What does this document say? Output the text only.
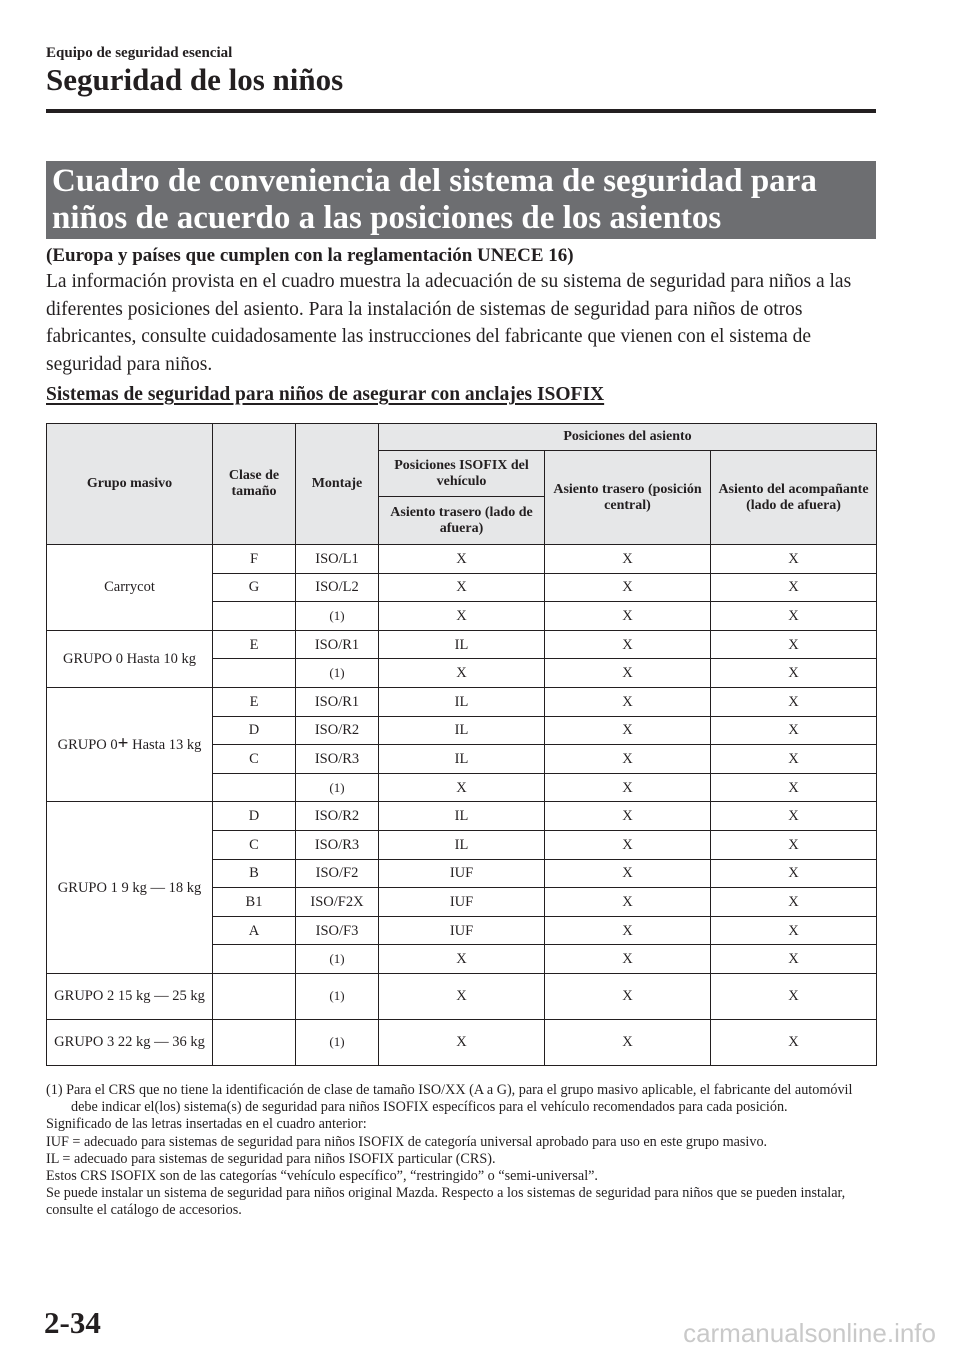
Equipo de seguridad esencial
Seguridad de los niños
Cuadro de conveniencia del sistema de seguridad para niños de acuerdo a las posiciones de los asientos
(Europa y países que cumplen con la reglamentación UNECE 16)

La información provista en el cuadro muestra la adecuación de su sistema de seguridad para niños a las diferentes posiciones del asiento. Para la instalación de sistemas de seguridad para niños de otros fabricantes, consulte cuidadosamente las instrucciones del fabricante que vienen con el sistema de seguridad para niños.

Sistemas de seguridad para niños de asegurar con anclajes ISOFIX
Grupo masivo	Clase de tamaño	Montaje	Posiciones del asiento		
			Posiciones ISOFIX del vehículo	Asiento trasero (posición central)	Asiento del acompañante (lado de afuera)
			Asiento trasero (lado de afuera)		
Carrycot	F	ISO/L1	X	X	X
	G	ISO/L2	X	X	X
		(1)	X	X	X
GRUPO 0 Hasta 10 kg	E	ISO/R1	IL	X	X
		(1)	X	X	X
GRUPO 0+ Hasta 13 kg	E	ISO/R1	IL	X	X
	D	ISO/R2	IL	X	X
	C	ISO/R3	IL	X	X
		(1)	X	X	X
GRUPO 1 9 kg — 18 kg	D	ISO/R2	IL	X	X
	C	ISO/R3	IL	X	X
	B	ISO/F2	IUF	X	X
	B1	ISO/F2X	IUF	X	X
	A	ISO/F3	IUF	X	X
		(1)	X	X	X
GRUPO 2 15 kg — 25 kg		(1)	X	X	X
GRUPO 3 22 kg — 36 kg		(1)	X	X	X

(1) Para el CRS que no tiene la identificación de clase de tamaño ISO/XX (A a G), para el grupo masivo aplicable, el fabricante del automóvil debe indicar el(los) sistema(s) de seguridad para niños ISOFIX específicos para el vehículo recomendados para cada posición.

Significado de las letras insertadas en el cuadro anterior:

IUF = adecuado para sistemas de seguridad para niños ISOFIX de categoría universal aprobado para uso en este grupo masivo.

IL = adecuado para sistemas de seguridad para niños ISOFIX particular (CRS).

Estos CRS ISOFIX son de las categorías “vehículo específico”, “restringido” o “semi-universal”.

Se puede instalar un sistema de seguridad para niños original Mazda. Respecto a los sistemas de seguridad para niños que se pueden instalar, consulte el catálogo de accesorios.

2-34	carmanualsonline.info
